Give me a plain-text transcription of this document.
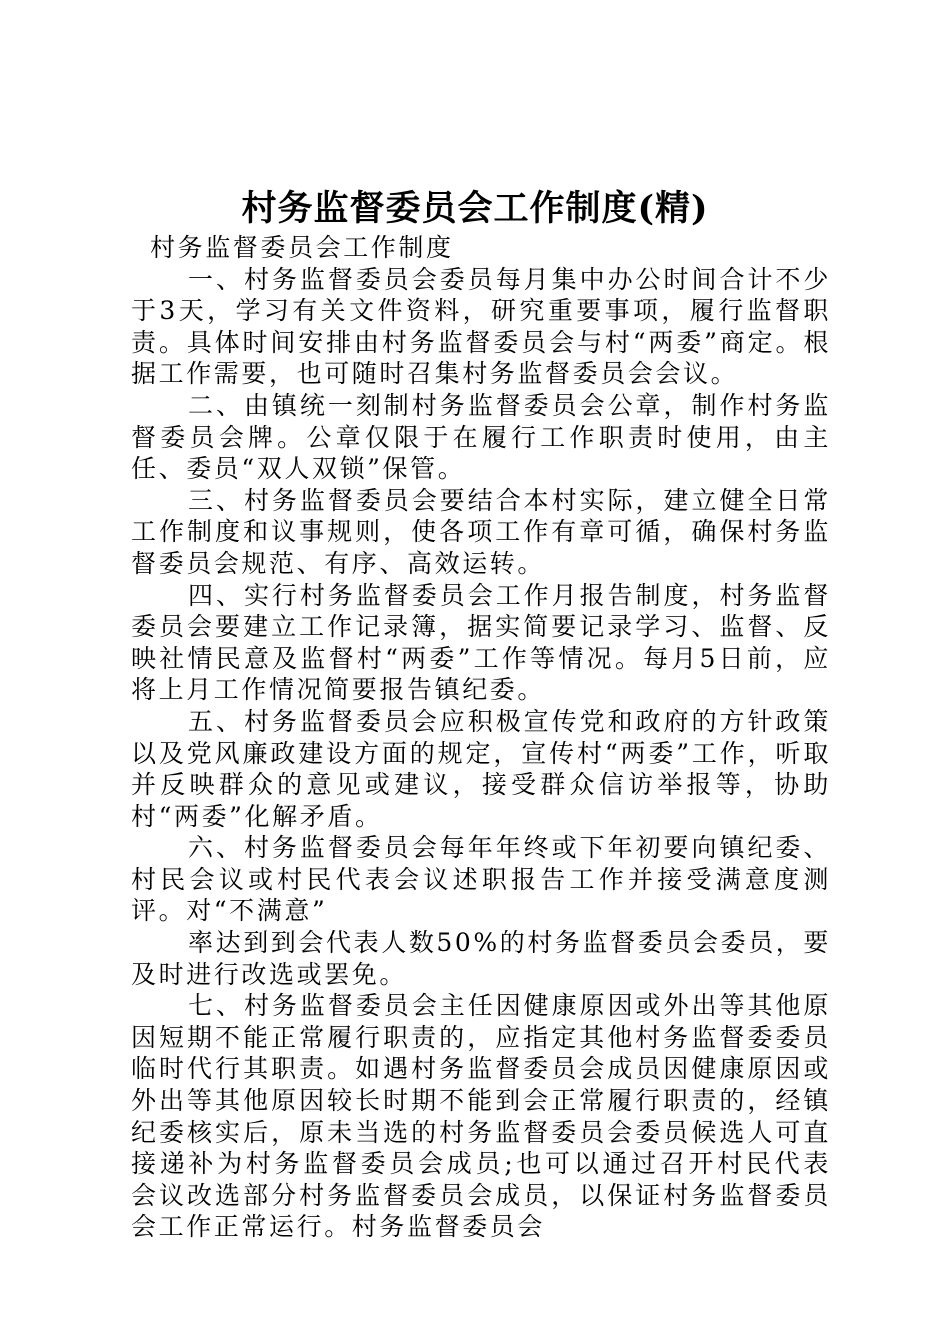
村务监督委员会工作制度(精)

村务监督委员会工作制度

一、村务监督委员会委员每月集中办公时间合计不少于3天，学习有关文件资料，研究重要事项，履行监督职责。具体时间安排由村务监督委员会与村“两委”商定。根据工作需要，也可随时召集村务监督委员会会议。

二、由镇统一刻制村务监督委员会公章，制作村务监督委员会牌。公章仅限于在履行工作职责时使用，由主任、委员“双人双锁”保管。

三、村务监督委员会要结合本村实际，建立健全日常工作制度和议事规则，使各项工作有章可循，确保村务监督委员会规范、有序、高效运转。

四、实行村务监督委员会工作月报告制度，村务监督委员会要建立工作记录簿，据实简要记录学习、监督、反映社情民意及监督村“两委”工作等情况。每月5日前，应将上月工作情况简要报告镇纪委。

五、村务监督委员会应积极宣传党和政府的方针政策以及党风廉政建设方面的规定，宣传村“两委”工作，听取并反映群众的意见或建议，接受群众信访举报等，协助村“两委”化解矛盾。

六、村务监督委员会每年年终或下年初要向镇纪委、村民会议或村民代表会议述职报告工作并接受满意度测评。对“不满意”

率达到到会代表人数50%的村务监督委员会委员，要及时进行改选或罢免。

七、村务监督委员会主任因健康原因或外出等其他原因短期不能正常履行职责的，应指定其他村务监督委委员临时代行其职责。如遇村务监督委员会成员因健康原因或外出等其他原因较长时期不能到会正常履行职责的，经镇纪委核实后，原未当选的村务监督委员会委员候选人可直接递补为村务监督委员会成员;也可以通过召开村民代表会议改选部分村务监督委员会成员，以保证村务监督委员会工作正常运行。村务监督委员会
